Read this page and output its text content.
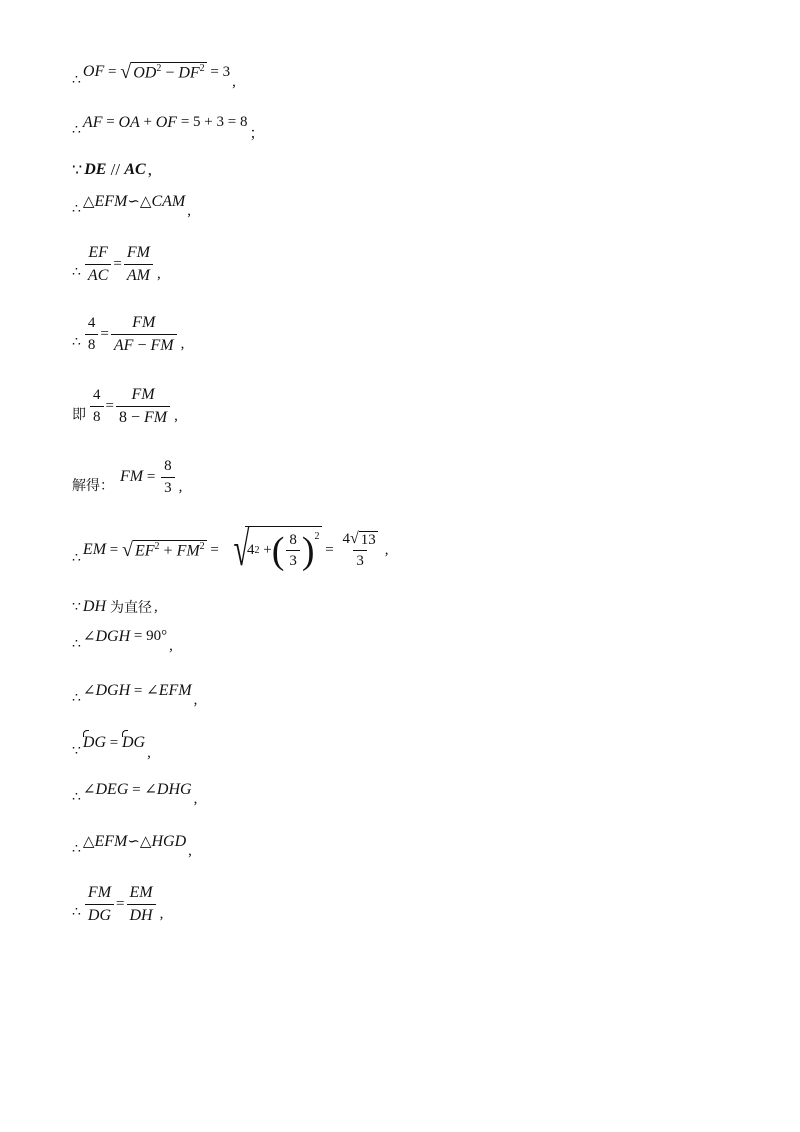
∴ OF = √ $OD^2 - DF^2 = 3$
,
∴ AF = OA + OF = 5 + 3 = 8
；
∵ DE // AC ,
∴ △ EFM ∽△ CAM
,
∴ $\frac{EF}{AC} = \frac{FM}{AM}$ ,
∴ $\frac{4}{8} = \frac{FM}{AF - FM}$ ,
即 $\frac{4}{8} = \frac{FM}{8 - FM}$ ,
解得：
FM = $\frac{8}{3}$ ,
∴ EM = √ $EF^2 + FM^2$ = √
4 2 + ( $\frac{8}{3} )^2$
= $\frac{4 √ 13}{3}$ ,
∵ DH 为直径 ,
∴ ∠ DGH = 90°
,
∴ ∠ DGH = ∠ EFM
,
∵ DG = DG
,
∴ ∠ DEG = ∠ DHG
,
∴ △ EFM ∽△ HGD
,
∴ $\frac{FM}{DG} = \frac{EM}{DH}$ ,
